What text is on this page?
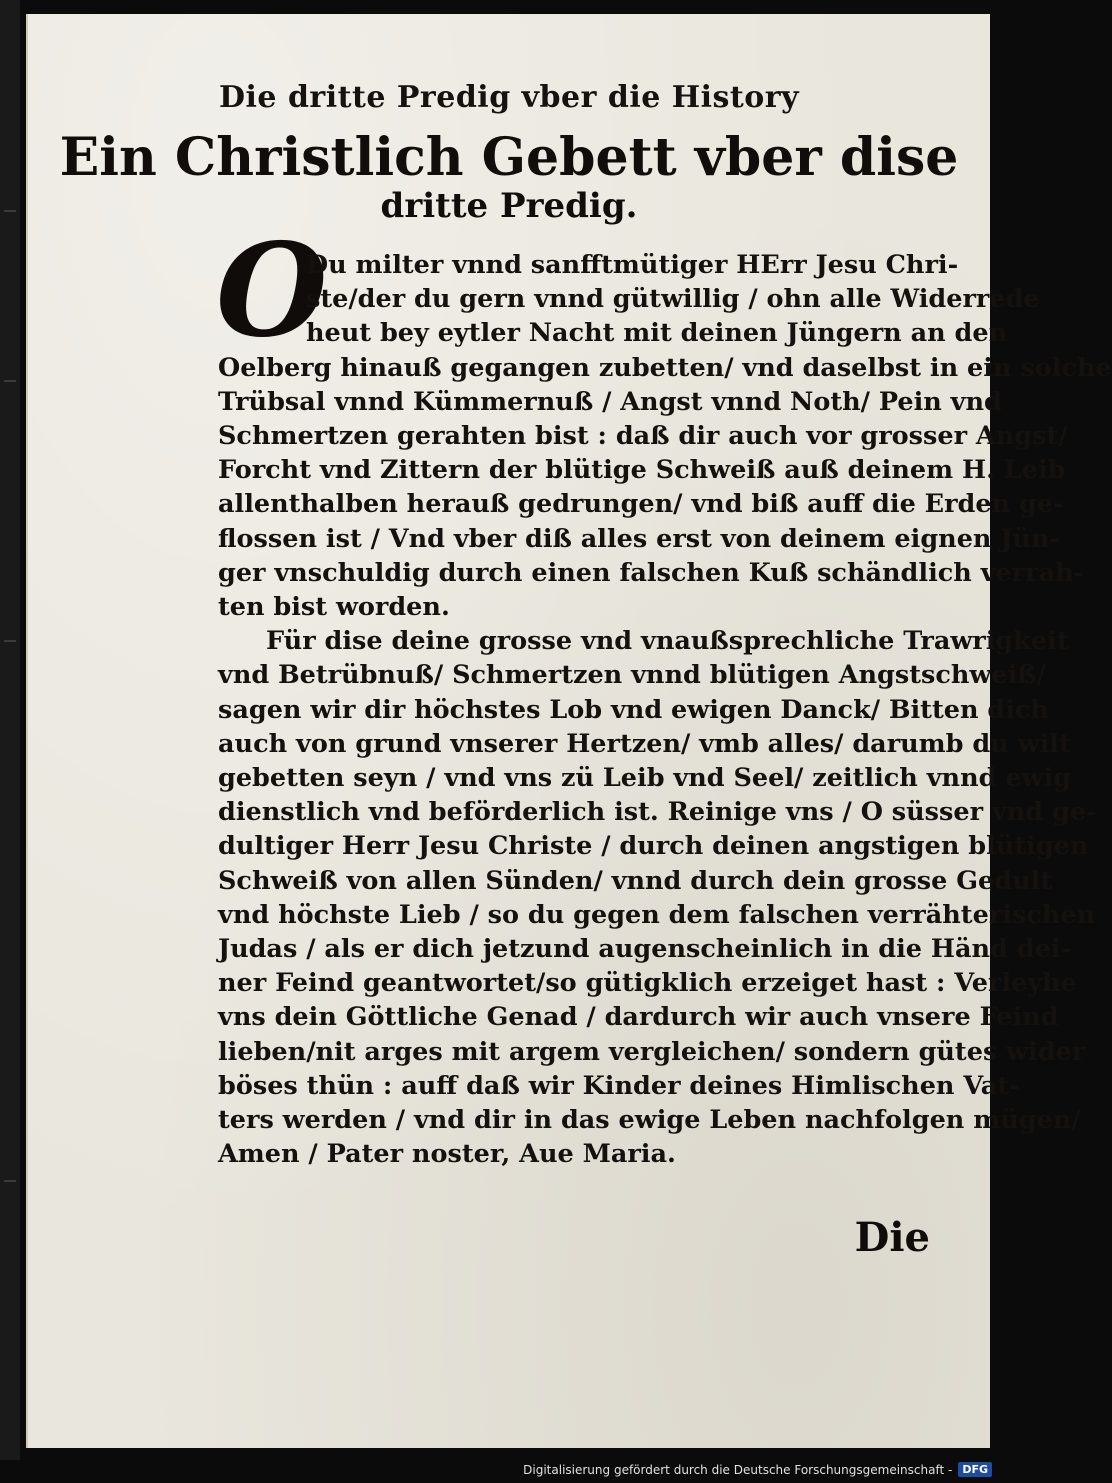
Die dritte Predig vber die History
Ein Christlich Gebett vber dise
dritte Predig.
O
Du milter vnnd sanfftmütiger HErr Jesu Chri-
ste/der du gern vnnd gütwillig / ohn alle Widerrede
heut bey eytler Nacht mit deinen Jüngern an den
Oelberg hinauß gegangen zubetten/ vnd daselbst in ein solche
Trübsal vnnd Kümmernuß / Angst vnnd Noth/ Pein vnd
Schmertzen gerahten bist : daß dir auch vor grosser Angst/
Forcht vnd Zittern der blütige Schweiß auß deinem H. Leib
allenthalben herauß gedrungen/ vnd biß auff die Erden ge-
flossen ist / Vnd vber diß alles erst von deinem eignen Jün-
ger vnschuldig durch einen falschen Kuß schändlich verrah-
ten bist worden.
Für dise deine grosse vnd vnaußsprechliche Trawrigkeit
vnd Betrübnuß/ Schmertzen vnnd blütigen Angstschweiß/
sagen wir dir höchstes Lob vnd ewigen Danck/ Bitten dich
auch von grund vnserer Hertzen/ vmb alles/ darumb du wilt
gebetten seyn / vnd vns zü Leib vnd Seel/ zeitlich vnnd ewig
dienstlich vnd beförderlich ist. Reinige vns / O süsser vnd ge-
dultiger Herr Jesu Christe / durch deinen angstigen blütigen
Schweiß von allen Sünden/ vnnd durch dein grosse Gedult
vnd höchste Lieb / so du gegen dem falschen verrähterischen
Judas / als er dich jetzund augenscheinlich in die Händ dei-
ner Feind geantwortet/so gütigklich erzeiget hast : Verleyhe
vns dein Göttliche Genad / dardurch wir auch vnsere Feind
lieben/nit arges mit argem vergleichen/ sondern gütes wider
böses thün : auff daß wir Kinder deines Himlischen Vat-
ters werden / vnd dir in das ewige Leben nachfolgen mügen/
Amen / Pater noster, Aue Maria.
Die
Digitalisierung gefördert durch die Deutsche Forschungsgemeinschaft - DFG
